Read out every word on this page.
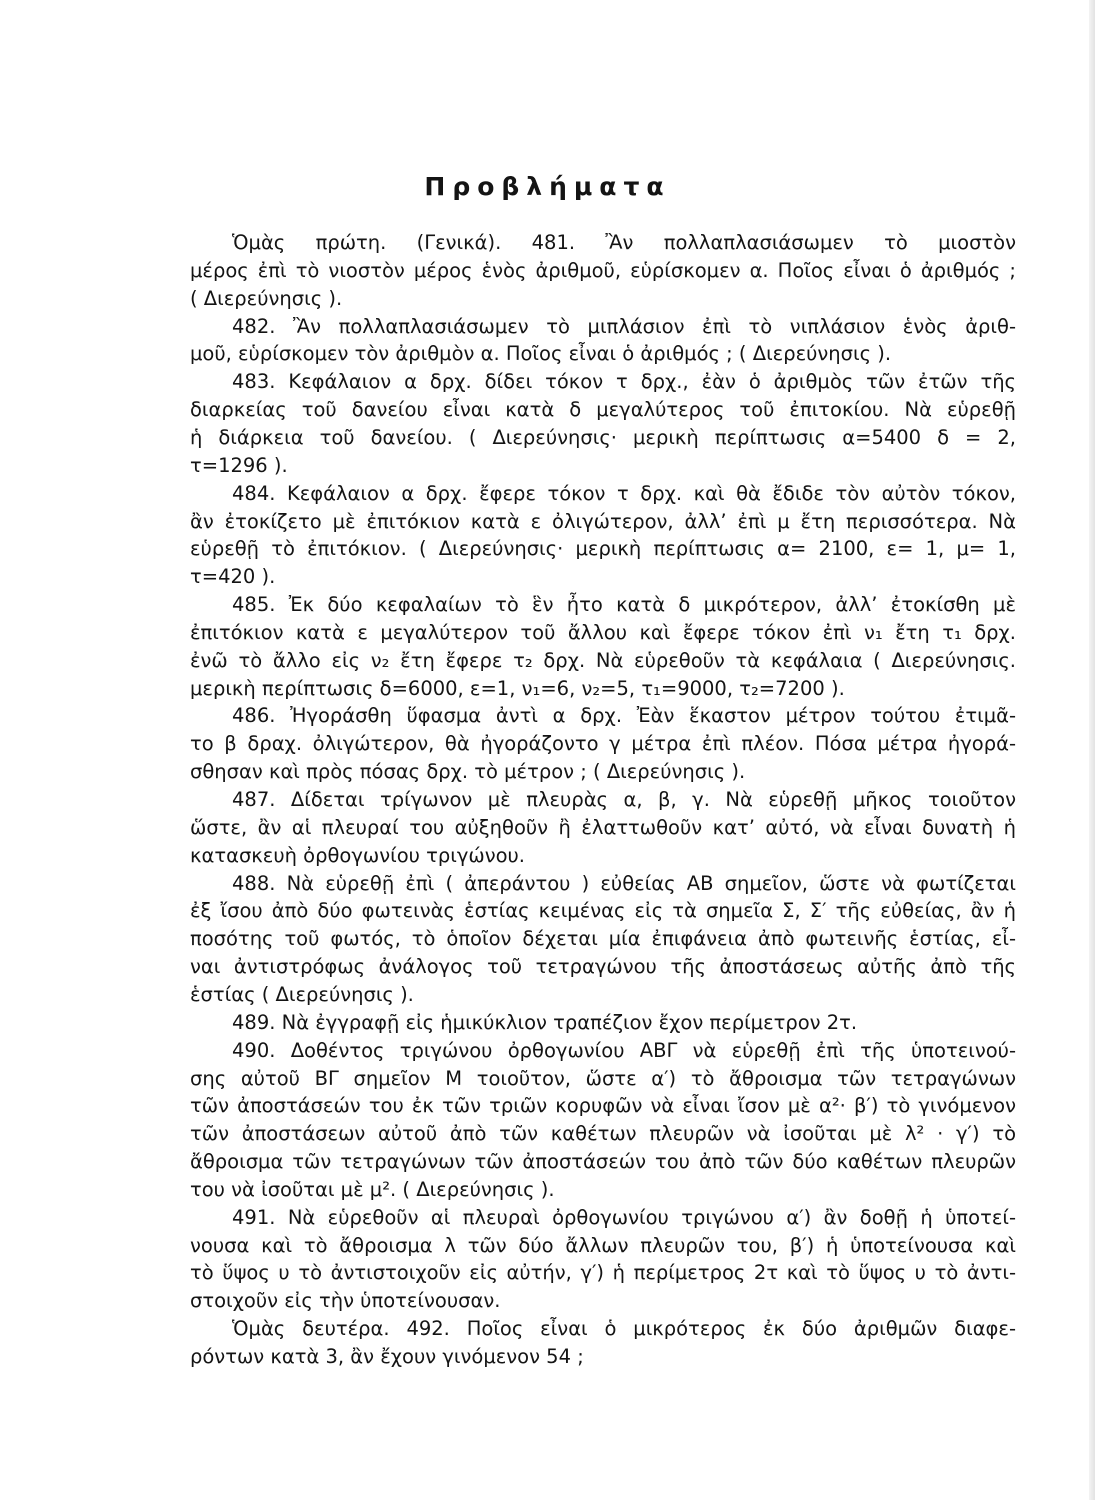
Προβλήματα
Ὁμὰς πρώτη. (Γενικά). 481. Ἂν πολλαπλασιάσωμεν τὸ μιοστὸν
μέρος ἐπὶ τὸ νιοστὸν μέρος ἑνὸς ἀριθμοῦ, εὑρίσκομεν α. Ποῖος εἶναι ὁ ἀριθμός ;
( Διερεύνησις ).
482. Ἂν πολλαπλασιάσωμεν τὸ μιπλάσιον ἐπὶ τὸ νιπλάσιον ἑνὸς ἀριθ-
μοῦ, εὑρίσκομεν τὸν ἀριθμὸν α. Ποῖος εἶναι ὁ ἀριθμός ; ( Διερεύνησις ).
483. Κεφάλαιον α δρχ. δίδει τόκον τ δρχ., ἐὰν ὁ ἀριθμὸς τῶν ἐτῶν τῆς
διαρκείας τοῦ δανείου εἶναι κατὰ δ μεγαλύτερος τοῦ ἐπιτοκίου. Νὰ εὑρεθῇ
ἡ διάρκεια τοῦ δανείου. ( Διερεύνησις· μερικὴ περίπτωσις α=5400 δ = 2,
τ=1296 ).
484. Κεφάλαιον α δρχ. ἔφερε τόκον τ δρχ. καὶ θὰ ἔδιδε τὸν αὐτὸν τόκον,
ἂν ἐτοκίζετο μὲ ἐπιτόκιον κατὰ ε ὀλιγώτερον, ἀλλ’ ἐπὶ μ ἔτη περισσότερα. Νὰ
εὑρεθῇ τὸ ἐπιτόκιον. ( Διερεύνησις· μερικὴ περίπτωσις α= 2100, ε= 1, μ= 1,
τ=420 ).
485. Ἐκ δύο κεφαλαίων τὸ ἓν ἦτο κατὰ δ μικρότερον, ἀλλ’ ἐτοκίσθη μὲ
ἐπιτόκιον κατὰ ε μεγαλύτερον τοῦ ἄλλου καὶ ἔφερε τόκον ἐπὶ ν₁ ἔτη τ₁ δρχ.
ἐνῶ τὸ ἄλλο εἰς ν₂ ἔτη ἔφερε τ₂ δρχ. Νὰ εὑρεθοῦν τὰ κεφάλαια ( Διερεύνησις.
μερικὴ περίπτωσις δ=6000, ε=1, ν₁=6, ν₂=5, τ₁=9000, τ₂=7200 ).
486. Ἠγοράσθη ὕφασμα ἀντὶ α δρχ. Ἐὰν ἕκαστον μέτρον τούτου ἐτιμᾶ-
το β δραχ. ὀλιγώτερον, θὰ ἠγοράζοντο γ μέτρα ἐπὶ πλέον. Πόσα μέτρα ἠγορά-
σθησαν καὶ πρὸς πόσας δρχ. τὸ μέτρον ; ( Διερεύνησις ).
487. Δίδεται τρίγωνον μὲ πλευρὰς α, β, γ. Νὰ εὑρεθῇ μῆκος τοιοῦτον
ὥστε, ἂν αἱ πλευραί του αὐξηθοῦν ἢ ἐλαττωθοῦν κατ’ αὐτό, νὰ εἶναι δυνατὴ ἡ
κατασκευὴ ὀρθογωνίου τριγώνου.
488. Νὰ εὑρεθῇ ἐπὶ ( ἀπεράντου ) εὐθείας ΑΒ σημεῖον, ὥστε νὰ φωτίζεται
ἐξ ἴσου ἀπὸ δύο φωτεινὰς ἑστίας κειμένας εἰς τὰ σημεῖα Σ, Σ′ τῆς εὐθείας, ἂν ἡ
ποσότης τοῦ φωτός, τὸ ὁποῖον δέχεται μία ἐπιφάνεια ἀπὸ φωτεινῆς ἑστίας, εἶ-
ναι ἀντιστρόφως ἀνάλογος τοῦ τετραγώνου τῆς ἀποστάσεως αὐτῆς ἀπὸ τῆς
ἑστίας ( Διερεύνησις ).
489. Νὰ ἐγγραφῇ εἰς ἡμικύκλιον τραπέζιον ἔχον περίμετρον 2τ.
490. Δοθέντος τριγώνου ὀρθογωνίου ΑΒΓ νὰ εὑρεθῇ ἐπὶ τῆς ὑποτεινού-
σης αὐτοῦ ΒΓ σημεῖον Μ τοιοῦτον, ὥστε α′) τὸ ἄθροισμα τῶν τετραγώνων
τῶν ἀποστάσεών του ἐκ τῶν τριῶν κορυφῶν νὰ εἶναι ἴσον μὲ α²· β′) τὸ γινόμενον
τῶν ἀποστάσεων αὐτοῦ ἀπὸ τῶν καθέτων πλευρῶν νὰ ἰσοῦται μὲ λ² · γ′) τὸ
ἄθροισμα τῶν τετραγώνων τῶν ἀποστάσεών του ἀπὸ τῶν δύο καθέτων πλευρῶν
του νὰ ἰσοῦται μὲ μ². ( Διερεύνησις ).
491. Νὰ εὑρεθοῦν αἱ πλευραὶ ὀρθογωνίου τριγώνου α′) ἂν δοθῇ ἡ ὑποτεί-
νουσα καὶ τὸ ἄθροισμα λ τῶν δύο ἄλλων πλευρῶν του, β′) ἡ ὑποτείνουσα καὶ
τὸ ὕψος υ τὸ ἀντιστοιχοῦν εἰς αὐτήν, γ′) ἡ περίμετρος 2τ καὶ τὸ ὕψος υ τὸ ἀντι-
στοιχοῦν εἰς τὴν ὑποτείνουσαν.
Ὁμὰς δευτέρα. 492. Ποῖος εἶναι ὁ μικρότερος ἐκ δύο ἀριθμῶν διαφε-
ρόντων κατὰ 3, ἂν ἔχουν γινόμενον 54 ;
